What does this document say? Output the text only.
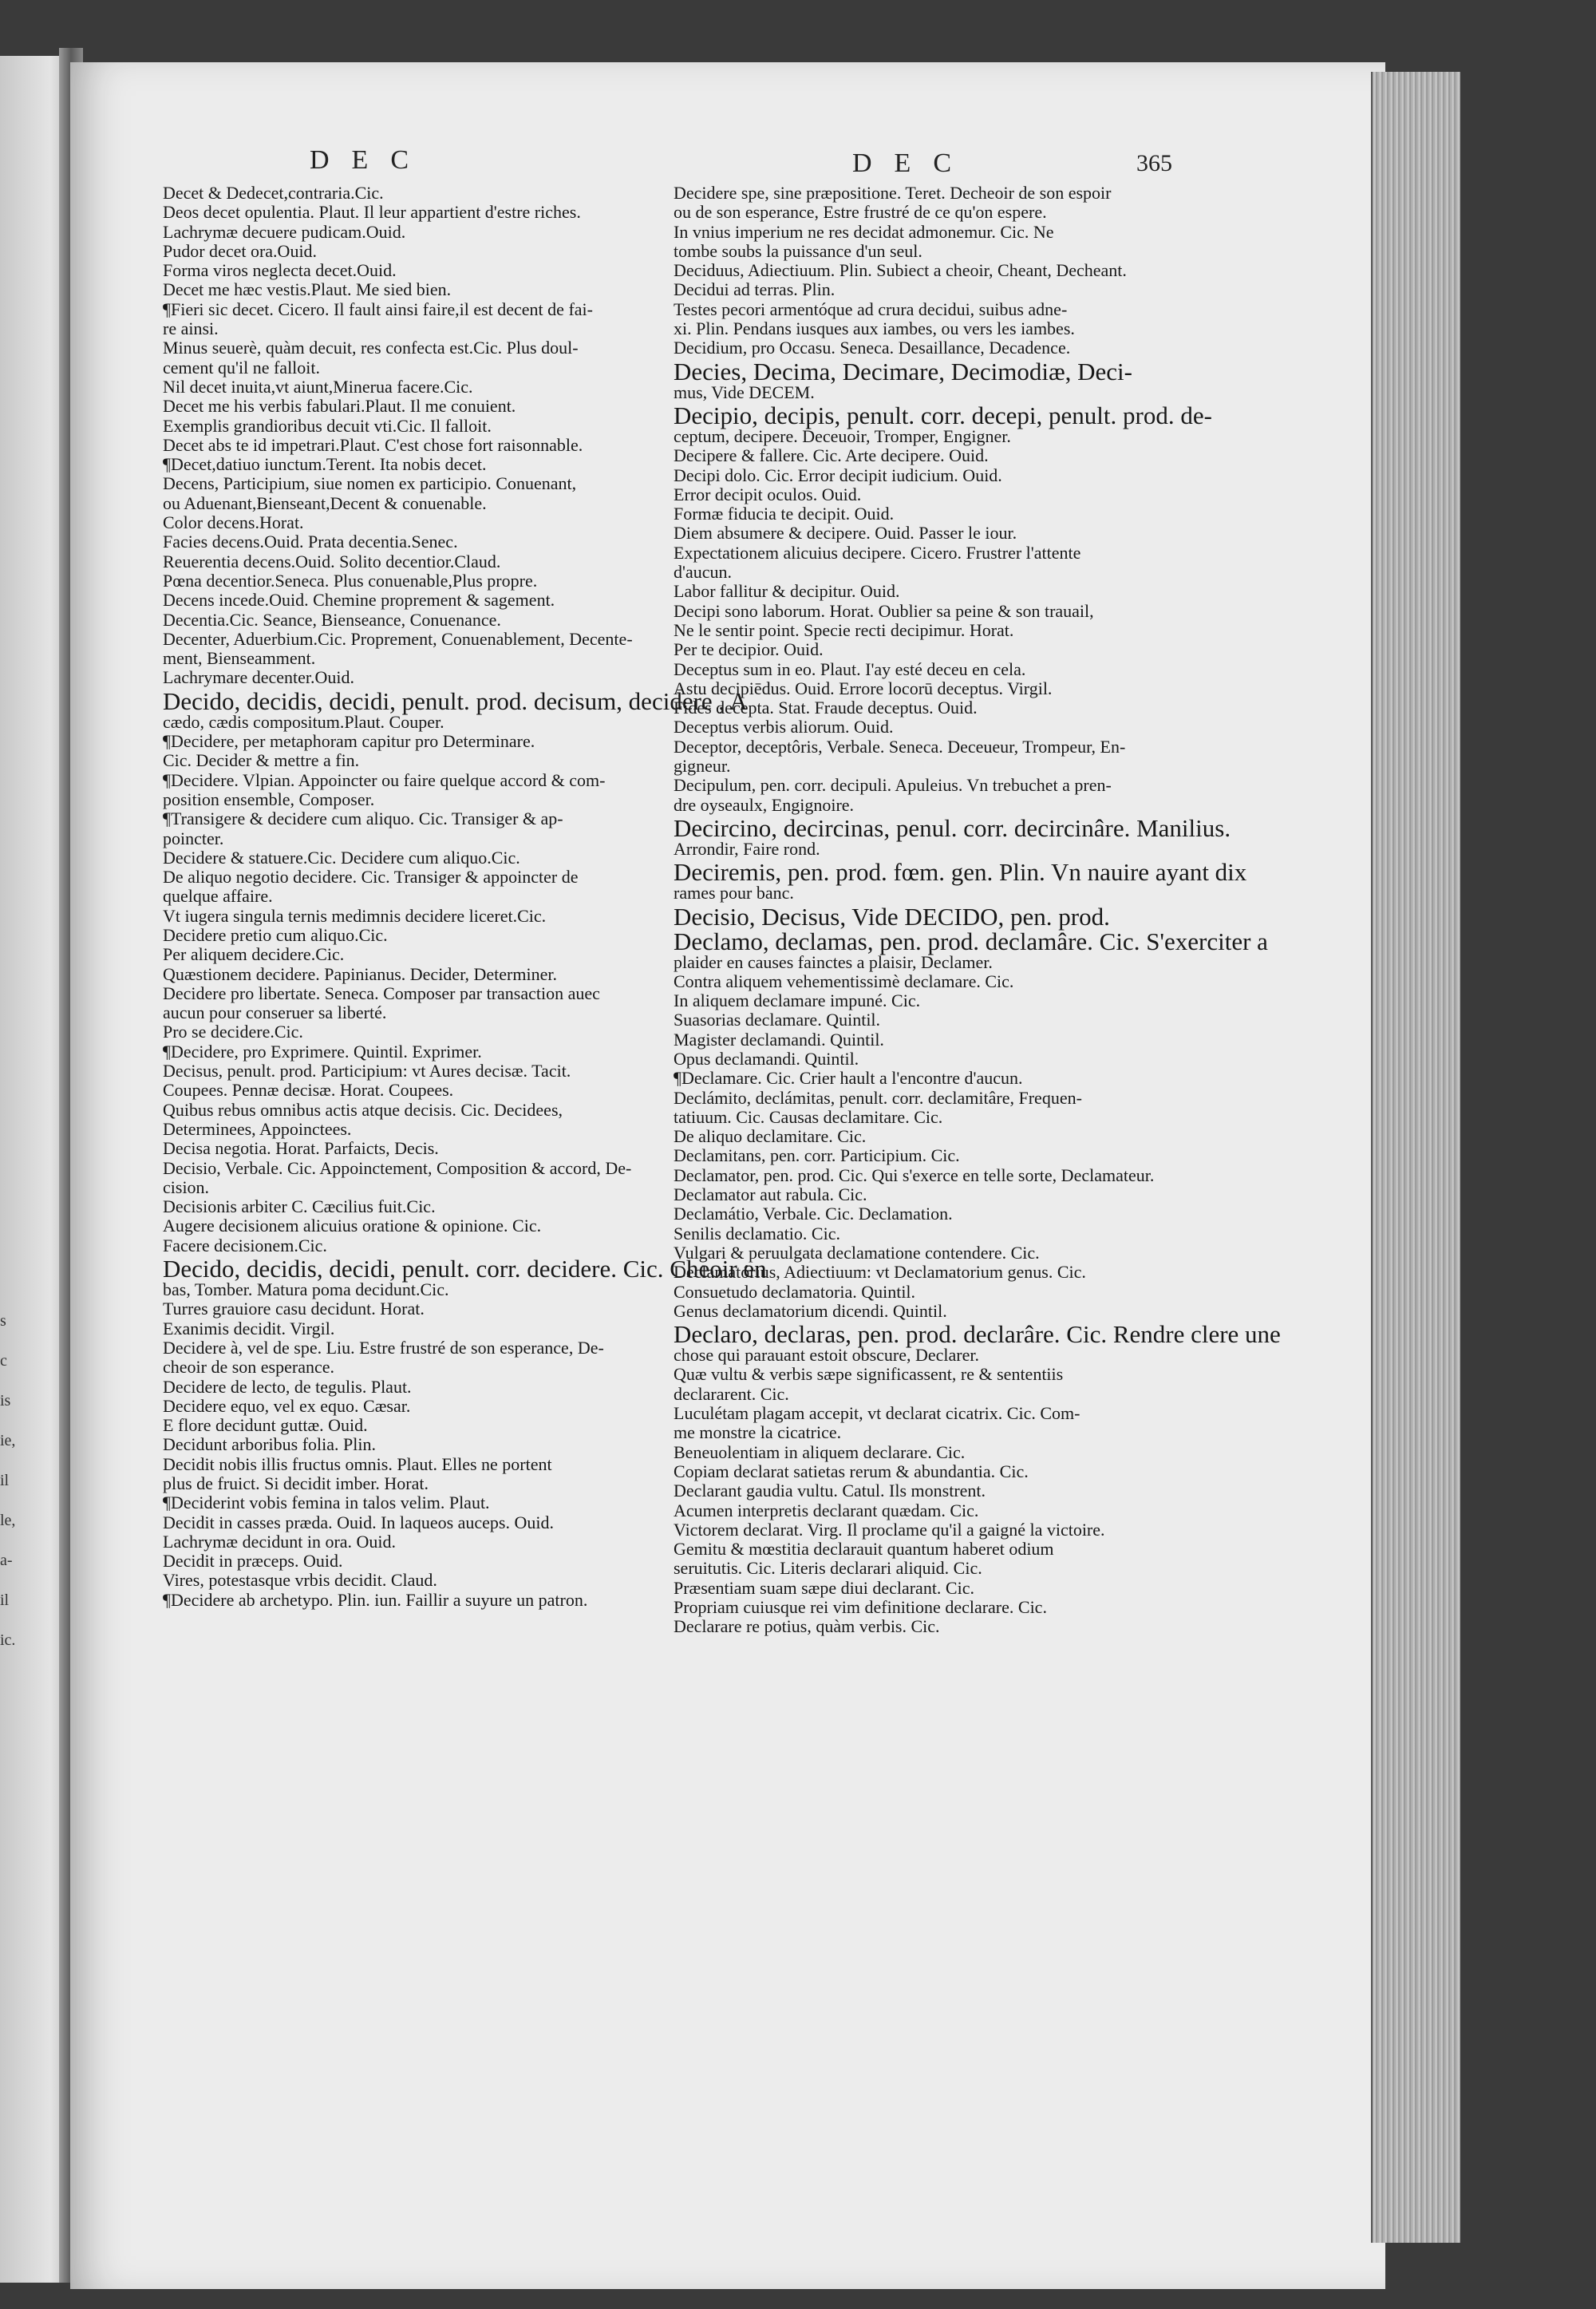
s
c
is
ie,
il
le,
a-
il
ic.
DEC	DEC	365
Decet & Dedecet,contraria.Cic.
Deos decet opulentia. Plaut. Il leur appartient d'estre riches.
Lachrymæ decuere pudicam.Ouid.
Pudor decet ora.Ouid.
Forma viros neglecta decet.Ouid.
Decet me hæc vestis.Plaut. Me sied bien.
¶Fieri sic decet. Cicero. Il fault ainsi faire,il est decent de fai-
re ainsi.
Minus seuerè, quàm decuit, res confecta est.Cic. Plus doul-
cement qu'il ne falloit.
Nil decet inuita,vt aiunt,Minerua facere.Cic.
Decet me his verbis fabulari.Plaut. Il me conuient.
Exemplis grandioribus decuit vti.Cic. Il falloit.
Decet abs te id impetrari.Plaut. C'est chose fort raisonnable.
¶Decet,datiuo iunctum.Terent. Ita nobis decet.
Decens, Participium, siue nomen ex participio. Conuenant,
ou Aduenant,Bienseant,Decent & conuenable.
Color decens.Horat.
Facies decens.Ouid. Prata decentia.Senec.
Reuerentia decens.Ouid. Solito decentior.Claud.
Pœna decentior.Seneca. Plus conuenable,Plus propre.
Decens incede.Ouid. Chemine proprement & sagement.
Decentia.Cic. Seance, Bienseance, Conuenance.
Decenter, Aduerbium.Cic. Proprement, Conuenablement, Decente-
ment, Bienseamment.
Lachrymare decenter.Ouid.
Decido, decidis, decidi, penult. prod. decisum, decidere , A
cædo, cædis compositum.Plaut. Couper.
¶Decidere, per metaphoram capitur pro Determinare.
Cic. Decider & mettre a fin.
¶Decidere. Vlpian. Appoincter ou faire quelque accord & com-
position ensemble, Composer.
¶Transigere & decidere cum aliquo. Cic. Transiger & ap-
poincter.
Decidere & statuere.Cic. Decidere cum aliquo.Cic.
De aliquo negotio decidere. Cic. Transiger & appoincter de
quelque affaire.
Vt iugera singula ternis medimnis decidere liceret.Cic.
Decidere pretio cum aliquo.Cic.
Per aliquem decidere.Cic.
Quæstionem decidere. Papinianus. Decider, Determiner.
Decidere pro libertate. Seneca. Composer par transaction auec
aucun pour conseruer sa liberté.
Pro se decidere.Cic.
¶Decidere, pro Exprimere. Quintil. Exprimer.
Decisus, penult. prod. Participium: vt Aures decisæ. Tacit.
Coupees. Pennæ decisæ. Horat. Coupees.
Quibus rebus omnibus actis atque decisis. Cic. Decidees,
Determinees, Appoinctees.
Decisa negotia. Horat. Parfaicts, Decis.
Decisio, Verbale. Cic. Appoinctement, Composition & accord, De-
cision.
Decisionis arbiter C. Cæcilius fuit.Cic.
Augere decisionem alicuius oratione & opinione. Cic.
Facere decisionem.Cic.
Decido, decidis, decidi, penult. corr. decidere. Cic. Cheoir en
bas, Tomber. Matura poma decidunt.Cic.
Turres grauiore casu decidunt. Horat.
Exanimis decidit. Virgil.
Decidere à, vel de spe. Liu. Estre frustré de son esperance, De-
cheoir de son esperance.
Decidere de lecto, de tegulis. Plaut.
Decidere equo, vel ex equo. Cæsar.
E flore decidunt guttæ. Ouid.
Decidunt arboribus folia. Plin.
Decidit nobis illis fructus omnis. Plaut. Elles ne portent
plus de fruict. Si decidit imber. Horat.
¶Deciderint vobis femina in talos velim. Plaut.
Decidit in casses præda. Ouid. In laqueos auceps. Ouid.
Lachrymæ decidunt in ora. Ouid.
Decidit in præceps. Ouid.
Vires, potestasque vrbis decidit. Claud.
¶Decidere ab archetypo. Plin. iun. Faillir a suyure un patron.
Decidere spe, sine præpositione. Teret. Decheoir de son espoir
ou de son esperance, Estre frustré de ce qu'on espere.
In vnius imperium ne res decidat admonemur. Cic. Ne
tombe soubs la puissance d'un seul.
Deciduus, Adiectiuum. Plin. Subiect a cheoir, Cheant, Decheant.
Decidui ad terras. Plin.
Testes pecori armentóque ad crura decidui, suibus adne-
xi. Plin. Pendans iusques aux iambes, ou vers les iambes.
Decidium, pro Occasu. Seneca. Desaillance, Decadence.
Decies, Decima, Decimare, Decimodiæ, Deci-
mus, Vide DECEM.
Decipio, decipis, penult. corr. decepi, penult. prod. de-
ceptum, decipere. Deceuoir, Tromper, Engigner.
Decipere & fallere. Cic. Arte decipere. Ouid.
Decipi dolo. Cic. Error decipit iudicium. Ouid.
Error decipit oculos. Ouid.
Formæ fiducia te decipit. Ouid.
Diem absumere & decipere. Ouid. Passer le iour.
Expectationem alicuius decipere. Cicero. Frustrer l'attente
d'aucun.
Labor fallitur & decipitur. Ouid.
Decipi sono laborum. Horat. Oublier sa peine & son trauail,
Ne le sentir point. Specie recti decipimur. Horat.
Per te decipior. Ouid.
Deceptus sum in eo. Plaut. I'ay esté deceu en cela.
Astu decipiēdus. Ouid. Errore locorū deceptus. Virgil.
Fides decepta. Stat. Fraude deceptus. Ouid.
Deceptus verbis aliorum. Ouid.
Deceptor, deceptôris, Verbale. Seneca. Deceueur, Trompeur, En-
gigneur.
Decipulum, pen. corr. decipuli. Apuleius. Vn trebuchet a pren-
dre oyseaulx, Engignoire.
Decircino, decircinas, penul. corr. decircinâre. Manilius.
Arrondir, Faire rond.
Deciremis, pen. prod. fœm. gen. Plin. Vn nauire ayant dix
rames pour banc.
Decisio, Decisus, Vide DECIDO, pen. prod.
Declamo, declamas, pen. prod. declamâre. Cic. S'exerciter a
plaider en causes fainctes a plaisir, Declamer.
Contra aliquem vehementissimè declamare. Cic.
In aliquem declamare impuné. Cic.
Suasorias declamare. Quintil.
Magister declamandi. Quintil.
Opus declamandi. Quintil.
¶Declamare. Cic. Crier hault a l'encontre d'aucun.
Declámito, declámitas, penult. corr. declamitâre, Frequen-
tatiuum. Cic. Causas declamitare. Cic.
De aliquo declamitare. Cic.
Declamitans, pen. corr. Participium. Cic.
Declamator, pen. prod. Cic. Qui s'exerce en telle sorte, Declamateur.
Declamator aut rabula. Cic.
Declamátio, Verbale. Cic. Declamation.
Senilis declamatio. Cic.
Vulgari & peruulgata declamatione contendere. Cic.
Declamatórius, Adiectiuum: vt Declamatorium genus. Cic.
Consuetudo declamatoria. Quintil.
Genus declamatorium dicendi. Quintil.
Declaro, declaras, pen. prod. declarâre. Cic. Rendre clere une
chose qui parauant estoit obscure, Declarer.
Quæ vultu & verbis sæpe significassent, re & sententiis
declararent. Cic.
Luculétam plagam accepit, vt declarat cicatrix. Cic. Com-
me monstre la cicatrice.
Beneuolentiam in aliquem declarare. Cic.
Copiam declarat satietas rerum & abundantia. Cic.
Declarant gaudia vultu. Catul. Ils monstrent.
Acumen interpretis declarant quædam. Cic.
Victorem declarat. Virg. Il proclame qu'il a gaigné la victoire.
Gemitu & mœstitia declarauit quantum haberet odium
seruitutis. Cic. Literis declarari aliquid. Cic.
Præsentiam suam sæpe diui declarant. Cic.
Propriam cuiusque rei vim definitione declarare. Cic.
Declarare re potius, quàm verbis. Cic.
